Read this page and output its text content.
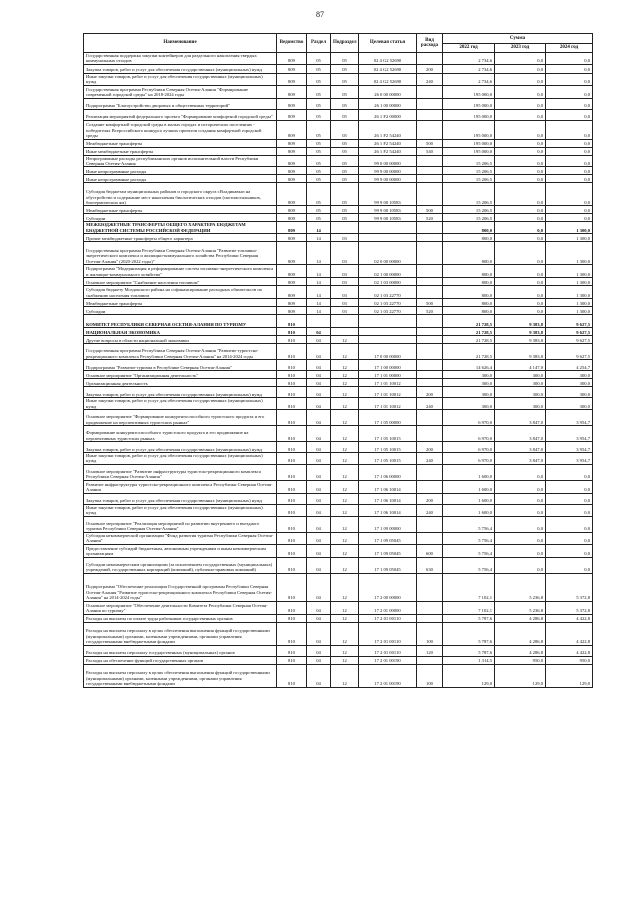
87
Наименование	Ведомство	Раздел	Подраздел	Целевая статья	Вид расхода	Сумма		
						2022 год	2023 год	2024 год
Государственная поддержка закупки контейнеров для раздельного накопления твердых коммунальных отходов	809	05	05	02 4 G2 52690		2 734,6	0,0	0,0
Закупка товаров, работ и услуг для обеспечения государственных (муниципальных) нужд	809	05	05	02 4 G2 52690	200	2 734,6	0,0	0,0
Иные закупки товаров, работ и услуг для обеспечения государственных (муниципальных) нужд	809	05	05	02 4 G2 52690	240	2 734,6	0,0	0,0
Государственная программа Республики Северная Осетия-Алания "Формирование современной городской среды" на 2018-2024 годы	809	05	05	26 0 00 00000		195 000,0	0,0	0,0
Подпрограмма "Благоустройство дворовых и общественных территорий"	809	05	05	26 1 00 00000		195 000,0	0,0	0,0
Реализация мероприятий федерального проекта "Формирование комфортной городской среды"	809	05	05	26 1 F2 00000		195 000,0	0,0	0,0
Создание комфортной городской среды в малых городах и исторических поселениях - победителях Всероссийского конкурса лучших проектов создания комфортной городской среды	809	05	05	26 1 F2 54240		195 000,0	0,0	0,0
Межбюджетные трансферты	809	05	05	26 1 F2 54240	500	195 000,0	0,0	0,0
Иные межбюджетные трансферты	809	05	05	26 1 F2 54240	540	195 000,0	0,0	0,0
Непрограммные расходы республиканских органов исполнительной власти Республики Северная Осетия-Алания	809	05	05	99 0 00 00000		15 206,5	0,0	0,0
Иные непрограммные расходы	809	05	05	99 9 00 00000		15 206,5	0,0	0,0
Иные непрограммные расходы	809	05	05	99 9 00 00000		15 206,5	0,0	0,0
Субсидия бюджетам муниципальных районов и городского округа г.Владикавказ на обустройство и содержание мест накопления биологических отходов (скотомогильников, биотермических ям)	809	05	05	99 9 00 10583		15 206,5	0,0	0,0
Межбюджетные трансферты	809	05	05	99 9 00 10583	500	15 206,5	0,0	0,0
Субсидии	809	05	05	99 9 00 10583	520	15 206,5	0,0	0,0
МЕЖБЮДЖЕТНЫЕ ТРАНСФЕРТЫ ОБЩЕГО ХАРАКТЕРА БЮДЖЕТАМ БЮДЖЕТНОЙ СИСТЕМЫ РОССИЙСКОЙ ФЕДЕРАЦИИ	809	14				800,0	0,0	1 300,0
Прочие межбюджетные трансферты общего характера	809	14	03			800,0	0,0	1 300,0
Государственная программа Республики Северная Осетия-Алания "Развитие топливно-энергетического комплекса и жилищно-коммунального хозяйства Республики Северная Осетия-Алания" (2020-2022 годы)"	809	14	03	02 0 00 00000		800,0	0,0	1 300,0
Подпрограмма "Модернизация и реформирование систем топливно-энергетического комплекса и жилищно-коммунального хозяйства"	809	14	03	02 1 00 00000		800,0	0,0	1 300,0
Основное мероприятие "Снабжение населения топливом"	809	14	03	02 1 03 00000		800,0	0,0	1 300,0
Субсидия бюджету Моздокского района на софинансирование расходных обязательств по снабжению населения топливом	809	14	03	02 1 03 22770		800,0	0,0	1 300,0
Межбюджетные трансферты	809	14	03	02 1 03 22770	500	800,0	0,0	1 300,0
Субсидии	809	14	03	02 1 03 22770	520	800,0	0,0	1 300,0
КОМИТЕТ РЕСПУБЛИКИ СЕВЕРНАЯ ОСЕТИЯ-АЛАНИЯ ПО ТУРИЗМУ	810					21 728,5	9 383,8	9 627,5
НАЦИОНАЛЬНАЯ ЭКОНОМИКА	810	04				21 728,5	9 383,8	9 627,5
Другие вопросы в области национальной экономики	810	04	12			21 728,5	9 383,8	9 627,5
Государственная программа Республики Северная Осетия-Алания "Развитие туристско-рекреационного комплекса Республики Северная Осетия-Алания" на 2014-2024 годы	810	04	12	17 0 00 00000		21 728,5	9 383,8	9 627,5
Подпрограмма "Развитие туризма в Республике Северная Осетия-Алания"	810	04	12	17 1 00 00000		14 626,4	4 147,0	4 254,7
Основное мероприятие "Организационная деятельность"	810	04	12	17 1 01 00000		300,0	300,0	300,0
Организационная деятельность	810	04	12	17 1 01 10012		300,0	300,0	300,0
Закупка товаров, работ и услуг для обеспечения государственных (муниципальных) нужд	810	04	12	17 1 01 10012	200	300,0	300,0	300,0
Иные закупки товаров, работ и услуг для обеспечения государственных (муниципальных) нужд	810	04	12	17 1 01 10012	240	300,0	300,0	300,0
Основное мероприятие "Формирование конкурентоспособного туристского продукта и его продвижение на перспективных туристских рынках"	810	04	12	17 1 05 00000		6 970,0	3 847,0	3 954,7
Формирование конкурентоспособного туристского продукта и его продвижение на перспективных туристских рынках	810	04	12	17 1 05 10015		6 970,0	3 847,0	3 954,7
Закупка товаров, работ и услуг для обеспечения государственных (муниципальных) нужд	810	04	12	17 1 05 10015	200	6 970,0	3 847,0	3 954,7
Иные закупки товаров, работ и услуг для обеспечения государственных (муниципальных) нужд	810	04	12	17 1 05 10015	240	6 970,0	3 847,0	3 954,7
Основное мероприятие "Развитие инфраструктуры туристско-рекреационного комплекса Республики Северная Осетия-Алания"	810	04	12	17 1 06 00000		1 600,0	0,0	0,0
Развитие инфраструктуры туристско-рекреационного комплекса Республики Северная Осетия-Алания	810	04	12	17 1 06 10014		1 600,0	0,0	0,0
Закупка товаров, работ и услуг для обеспечения государственных (муниципальных) нужд	810	04	12	17 1 06 10014	200	1 600,0	0,0	0,0
Иные закупки товаров, работ и услуг для обеспечения государственных (муниципальных) нужд	810	04	12	17 1 06 10014	240	1 600,0	0,0	0,0
Основное мероприятие "Реализация мероприятий по развитию внутреннего и въездного туризма Республики Северная Осетия-Алания"	810	04	12	17 1 09 00000		5 756,4	0,0	0,0
Субсидия некоммерческой организации "Фонд развития туризма Республики Северная Осетия-Алания"	810	04	12	17 1 09 05045		5 756,4	0,0	0,0
Предоставление субсидий бюджетным, автономным учреждениям и иным некоммерческим организациям	810	04	12	17 1 09 05045	600	5 756,4	0,0	0,0
Субсидии некоммерческим организациям (за исключением государственных (муниципальных) учреждений, государственных корпораций (компаний), публично-правовых компаний)	810	04	12	17 1 09 05045	630	5 756,4	0,0	0,0
Подпрограмма "Обеспечение реализации Государственной программы Республики Северная Осетия-Алания "Развитие туристско-рекреационного комплекса Республики Северная Осетия-Алания" на 2014-2024 годы"	810	04	12	17 2 00 00000		7 102,1	5 236,8	5 372,8
Основное мероприятие "Обеспечение деятельности Комитета Республики Северная Осетия-Алания по туризму"	810	04	12	17 2 01 00000		7 102,1	5 236,8	5 372,8
Расходы на выплаты по оплате труда работников государственных органов	810	04	12	17 2 01 00110		5 787,6	4 286,8	4 422,8
Расходы на выплаты персоналу в целях обеспечения выполнения функций государственными (муниципальными) органами, казенными учреждениями, органами управления государственными внебюджетными фондами	810	04	12	17 2 01 00110	100	5 787,6	4 286,8	4 422,8
Расходы на выплаты персоналу государственных (муниципальных) органов	810	04	12	17 2 01 00110	120	5 787,6	4 286,8	4 422,8
Расходы на обеспечение функций государственных органов	810	04	12	17 2 01 00190		1 314,5	950,0	950,0
Расходы на выплаты персоналу в целях обеспечения выполнения функций государственными (муниципальными) органами, казенными учреждениями, органами управления государственными внебюджетными фондами	810	04	12	17 2 01 00190	100	129,0	129,0	129,0
